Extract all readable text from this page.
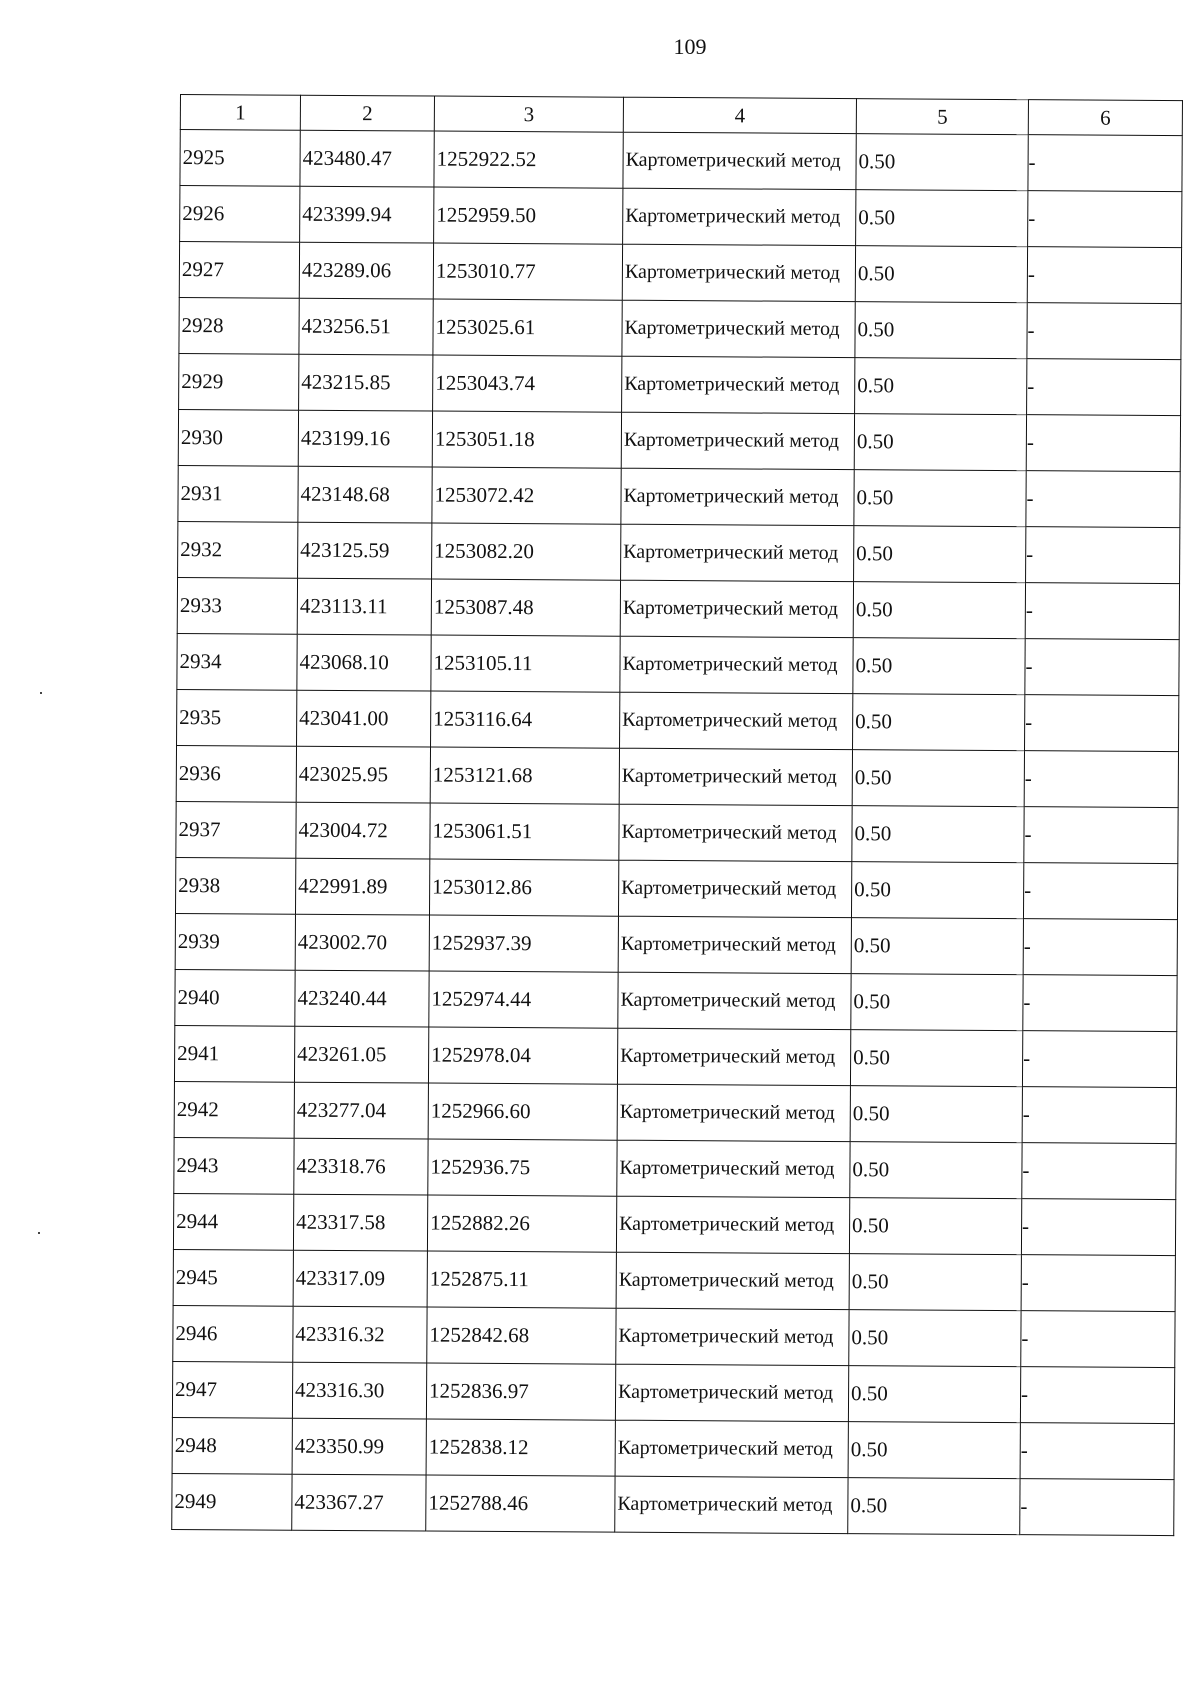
109
1	2	3	4	5	6
2925	423480.47	1252922.52	Картометрический метод	0.50	-
2926	423399.94	1252959.50	Картометрический метод	0.50	-
2927	423289.06	1253010.77	Картометрический метод	0.50	-
2928	423256.51	1253025.61	Картометрический метод	0.50	-
2929	423215.85	1253043.74	Картометрический метод	0.50	-
2930	423199.16	1253051.18	Картометрический метод	0.50	-
2931	423148.68	1253072.42	Картометрический метод	0.50	-
2932	423125.59	1253082.20	Картометрический метод	0.50	-
2933	423113.11	1253087.48	Картометрический метод	0.50	-
2934	423068.10	1253105.11	Картометрический метод	0.50	-
2935	423041.00	1253116.64	Картометрический метод	0.50	-
2936	423025.95	1253121.68	Картометрический метод	0.50	-
2937	423004.72	1253061.51	Картометрический метод	0.50	-
2938	422991.89	1253012.86	Картометрический метод	0.50	-
2939	423002.70	1252937.39	Картометрический метод	0.50	-
2940	423240.44	1252974.44	Картометрический метод	0.50	-
2941	423261.05	1252978.04	Картометрический метод	0.50	-
2942	423277.04	1252966.60	Картометрический метод	0.50	-
2943	423318.76	1252936.75	Картометрический метод	0.50	-
2944	423317.58	1252882.26	Картометрический метод	0.50	-
2945	423317.09	1252875.11	Картометрический метод	0.50	-
2946	423316.32	1252842.68	Картометрический метод	0.50	-
2947	423316.30	1252836.97	Картометрический метод	0.50	-
2948	423350.99	1252838.12	Картометрический метод	0.50	-
2949	423367.27	1252788.46	Картометрический метод	0.50	-
